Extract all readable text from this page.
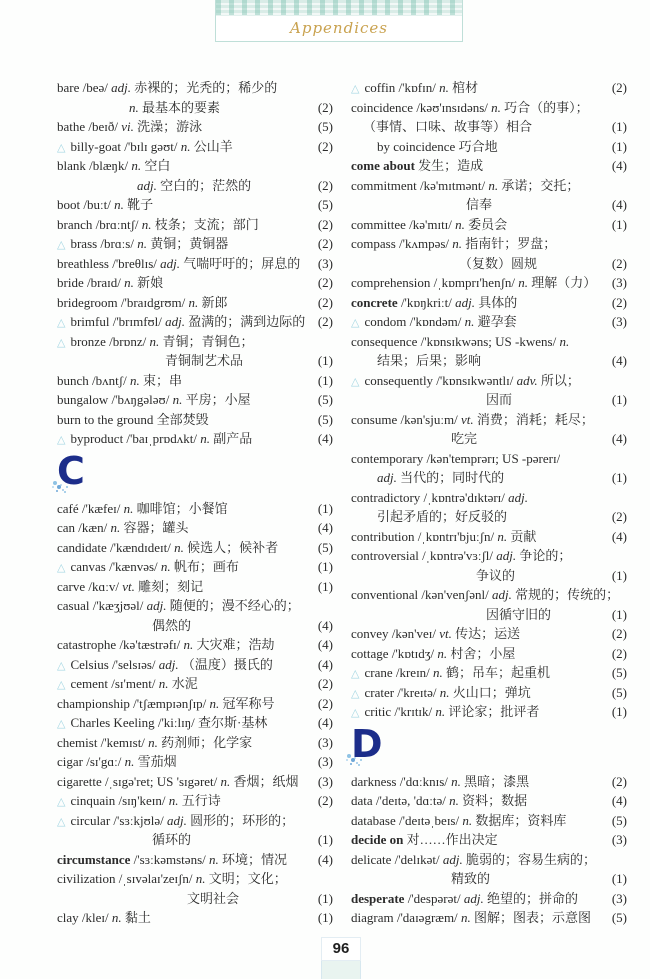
Appendices
bare /beə/ adj. 赤裸的；光秃的；稀少的
n. 最基本的要素	(2)
bathe /beɪð/ vi. 洗澡；游泳	(5)
△ billy-goat /'bɪlɪ gəʊt/ n. 公山羊	(2)
blank /blæŋk/ n. 空白
adj. 空白的；茫然的	(2)
boot /buːt/ n. 靴子	(5)
branch /brɑːntʃ/ n. 枝条；支流；部门	(2)
△ brass /brɑːs/ n. 黄铜；黄铜器	(2)
breathless /'breθlɪs/ adj. 气喘吁吁的；屏息的	(3)
bride /braɪd/ n. 新娘	(2)
bridegroom /'braɪdgrʊm/ n. 新郎	(2)
△ brimful /'brɪmfʊl/ adj. 盈满的；满到边际的 (2)
△ bronze /brɒnz/ n. 青铜；青铜色；
青铜制艺术品	(1)
bunch /bʌntʃ/ n. 束；串	(1)
bungalow /'bʌŋgələʊ/ n. 平房；小屋	(5)
burn to the ground 全部焚毁	(5)
△ byproduct /'baɪˌprɒdʌkt/ n. 副产品	(4)
C
café /'kæfeɪ/ n. 咖啡馆；小餐馆	(1)
can /kæn/ n. 容器；罐头	(4)
candidate /'kændɪdeɪt/ n. 候选人；候补者	(5)
△ canvas /'kænvəs/ n. 帆布；画布	(1)
carve /kɑːv/ vt. 雕刻；刻记	(1)
casual /'kæʒjʊəl/ adj. 随便的；漫不经心的；
偶然的	(4)
catastrophe /kə'tæstrəfɪ/ n. 大灾难；浩劫	(4)
△ Celsius /'selsɪəs/ adj. （温度）摄氏的	(4)
△ cement /sɪ'ment/ n. 水泥	(2)
championship /'tʃæmpɪənʃɪp/ n. 冠军称号	(2)
△ Charles Keeling /'kiːlɪŋ/ 查尔斯·基林	(4)
chemist /'kemɪst/ n. 药剂师；化学家	(3)
cigar /sɪ'gɑː/ n. 雪茄烟	(3)
cigarette /ˌsɪgə'ret; US 'sɪgəret/ n. 香烟；纸烟	(3)
△ cinquain /sɪŋ'keɪn/ n. 五行诗	(2)
△ circular /'sɜːkjʊlə/ adj. 圆形的；环形的；
循环的	(1)
circumstance /'sɜːkəmstəns/ n. 环境；情况	(4)
civilization /ˌsɪvəlaɪ'zeɪʃn/ n. 文明；文化；
文明社会	(1)
clay /kleɪ/ n. 黏土	(1)
△ coffin /'kɒfɪn/ n. 棺材	(2)
coincidence /kəʊ'ɪnsɪdəns/ n. 巧合（的事）；
（事情、口味、故事等）相合	(1)
by coincidence 巧合地	(1)
come about 发生；造成	(4)
commitment /kə'mɪtmənt/ n. 承诺；交托；
信奉	(4)
committee /kə'mɪtɪ/ n. 委员会	(1)
compass /'kʌmpəs/ n. 指南针；罗盘；
（复数）圆规	(2)
comprehension /ˌkɒmprɪ'henʃn/ n. 理解（力）	(3)
concrete /'kɒŋkriːt/ adj. 具体的	(2)
△ condom /'kɒndəm/ n. 避孕套	(3)
consequence /'kɒnsɪkwəns; US -kwens/ n.
结果；后果；影响	(4)
△ consequently /'kɒnsɪkwəntlɪ/ adv. 所以；
因而	(1)
consume /kən'sjuːm/ vt. 消费；消耗；耗尽；
吃完	(4)
contemporary /kən'temprərɪ; US -pərerɪ/
adj. 当代的；同时代的	(1)
contradictory /ˌkɒntrə'dɪktərɪ/ adj.
引起矛盾的；好反驳的	(2)
contribution /ˌkɒntrɪ'bjuːʃn/ n. 贡献	(4)
controversial /ˌkɒntrə'vɜːʃl/ adj. 争论的；
争议的	(1)
conventional /kən'venʃənl/ adj. 常规的；传统的；
因循守旧的	(1)
convey /kən'veɪ/ vt. 传达；运送	(2)
cottage /'kɒtɪdʒ/ n. 村舍；小屋	(2)
△ crane /kreɪn/ n. 鹤；吊车；起重机	(5)
△ crater /'kreɪtə/ n. 火山口；弹坑	(5)
△ critic /'krɪtɪk/ n. 评论家；批评者	(1)
D
darkness /'dɑːknɪs/ n. 黑暗；漆黑	(2)
data /'deɪtə, 'dɑːtə/ n. 资料；数据	(4)
database /'deɪtəˌbeɪs/ n. 数据库；资料库	(5)
decide on 对……作出决定	(3)
delicate /'delɪkət/ adj. 脆弱的；容易生病的；
精致的	(1)
desperate /'despərət/ adj. 绝望的；拼命的	(3)
diagram /'daɪəgræm/ n. 图解；图表；示意图	(5)
96
